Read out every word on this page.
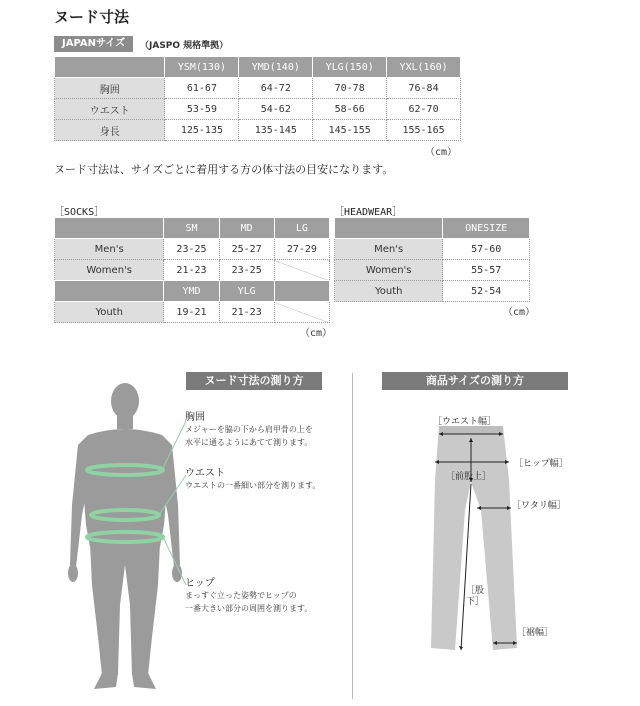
ヌード寸法
JAPANサイズ	（JASPO 規格準拠）
	YSM(130)	YMD(140)	YLG(150)	YXL(160)
胸囲	61-67	64-72	70-78	76-84
ウエスト	53-59	54-62	58-66	62-70
身長	125-135	135-145	145-155	155-165
（cm）
ヌード寸法は、サイズごとに着用する方の体寸法の目安になります。
［SOCKS］
	SM	MD	LG
Men's	23-25	25-27	27-29
Women's	21-23	23-25	
	YMD	YLG	
Youth	19-21	21-23	
（cm）
［HEADWEAR］
	ONESIZE
Men's	57-60
Women's	55-57
Youth	52-54
（cm）
ヌード寸法の測り方	商品サイズの測り方
胸囲
メジャーを脇の下から肩甲骨の上を
水平に通るようにあてて測ります。
ウエスト
ウエストの一番細い部分を測ります。
ヒップ
まっすぐ立った姿勢でヒップの
一番大きい部分の周囲を測ります。
［ウエスト幅］
［ヒップ幅］
［前股上］
［ワタリ幅］
［股下］
［裾幅］
